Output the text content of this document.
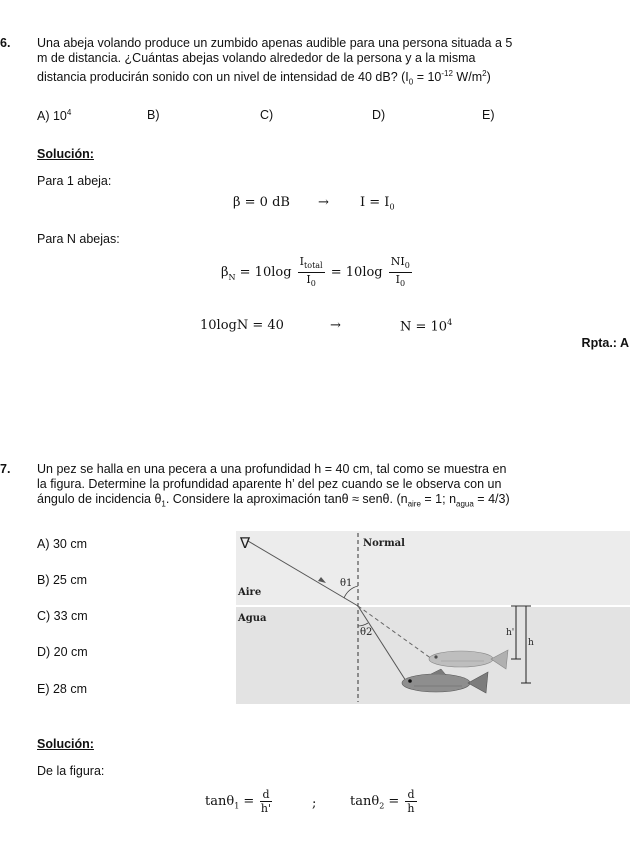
6. Una abeja volando produce un zumbido apenas audible para una persona situada a 5
m de distancia. ¿Cuántas abejas volando alrededor de la persona y a la misma
distancia producirán sonido con un nivel de intensidad de 40 dB? ($I_0 = 10^{-12}$ $W/m^2$)
A) $10^4$	B)	C)	D)	E)
Solución:
Para 1 abeja:
β = 0 dB → $I = I_0$
Para N abejas:
$\beta_N = 10\log \frac{I_{total}}{I_0} = 10\log \frac{NI_0}{I_0}$
10logN = 40	→	$N = 10^4$
Rpta.: A
7. Un pez se halla en una pecera a una profundidad h = 40 cm, tal como se muestra en
la figura. Determine la profundidad aparente h’ del pez cuando se le observa con un
ángulo de incidencia $\theta_1$. Considere la aproximación tanθ ≈ senθ. ($n_{aire} = 1$; $n_{agua} = 4/3$)
A) 30 cm
B) 25 cm
C) 33 cm
D) 20 cm
E) 28 cm
∇	Normal
Aire
Agua
θ1
θ2	h'
h
Solución:
De la figura:
$\tan\theta_1 = \frac{d}{h'}$	;	$\tan\theta_2 = \frac{d}{h}$
